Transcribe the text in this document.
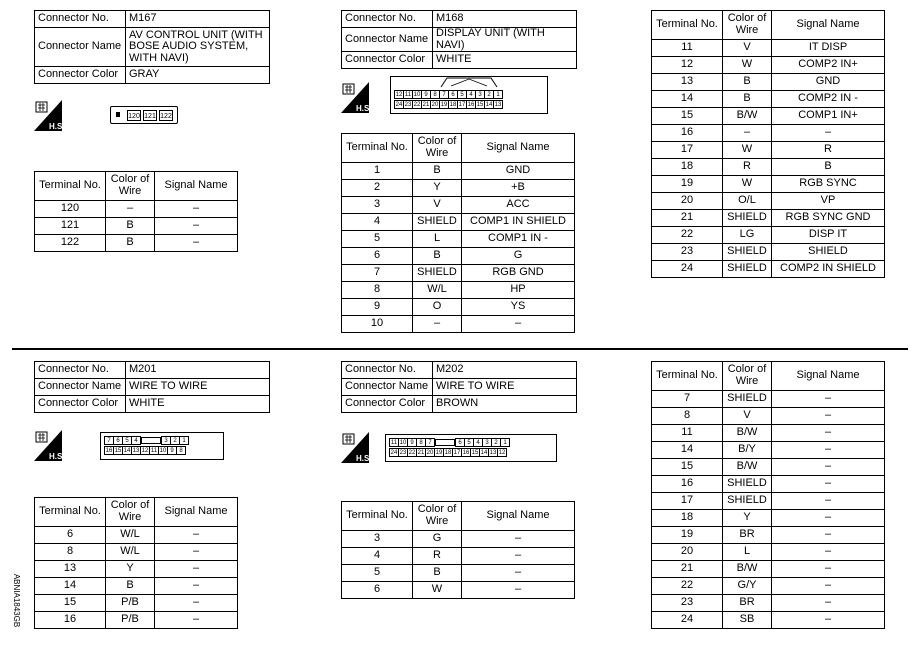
Connector No.	M167
Connector Name	AV CONTROL UNIT (WITH BOSE AUDIO SYSTEM, WITH NAVI)
Connector Color	GRAY
H.S.
120 121 122
Terminal No.	Color of Wire	Signal Name
120	–	–
121	B	–
122	B	–
Connector No.	M168
Connector Name	DISPLAY UNIT (WITH NAVI)
Connector Color	WHITE
H.S.
12 11 10 9 8 7 6 5 4 3 2 1
24 23 22 21 20 19 18 17 16 15 14 13
Terminal No.	Color of Wire	Signal Name
1	B	GND
2	Y	+B
3	V	ACC
4	SHIELD	COMP1 IN SHIELD
5	L	COMP1 IN -
6	B	G
7	SHIELD	RGB GND
8	W/L	HP
9	O	YS
10	–	–
Terminal No.	Color of Wire	Signal Name
11	V	IT DISP
12	W	COMP2 IN+
13	B	GND
14	B	COMP2 IN -
15	B/W	COMP1 IN+
16	–	–
17	W	R
18	R	B
19	W	RGB SYNC
20	O/L	VP
21	SHIELD	RGB SYNC GND
22	LG	DISP IT
23	SHIELD	SHIELD
24	SHIELD	COMP2 IN SHIELD
Connector No.	M201
Connector Name	WIRE TO WIRE
Connector Color	WHITE
H.S.
7 6 5 4	3 2 1
16 15 14 13 12 11 10 9 8
Terminal No.	Color of Wire	Signal Name
6	W/L	–
8	W/L	–
13	Y	–
14	B	–
15	P/B	–
16	P/B	–
Connector No.	M202
Connector Name	WIRE TO WIRE
Connector Color	BROWN
H.S.
11 10 9 8 7	6 5 4 3 2 1
24 23 22 21 20 19 18 17 16 15 14 13 12
Terminal No.	Color of Wire	Signal Name
3	G	–
4	R	–
5	B	–
6	W	–
Terminal No.	Color of Wire	Signal Name
7	SHIELD	–
8	V	–
11	B/W	–
14	B/Y	–
15	B/W	–
16	SHIELD	–
17	SHIELD	–
18	Y	–
19	BR	–
20	L	–
21	B/W	–
22	G/Y	–
23	BR	–
24	SB	–
ABNIA1843GB
